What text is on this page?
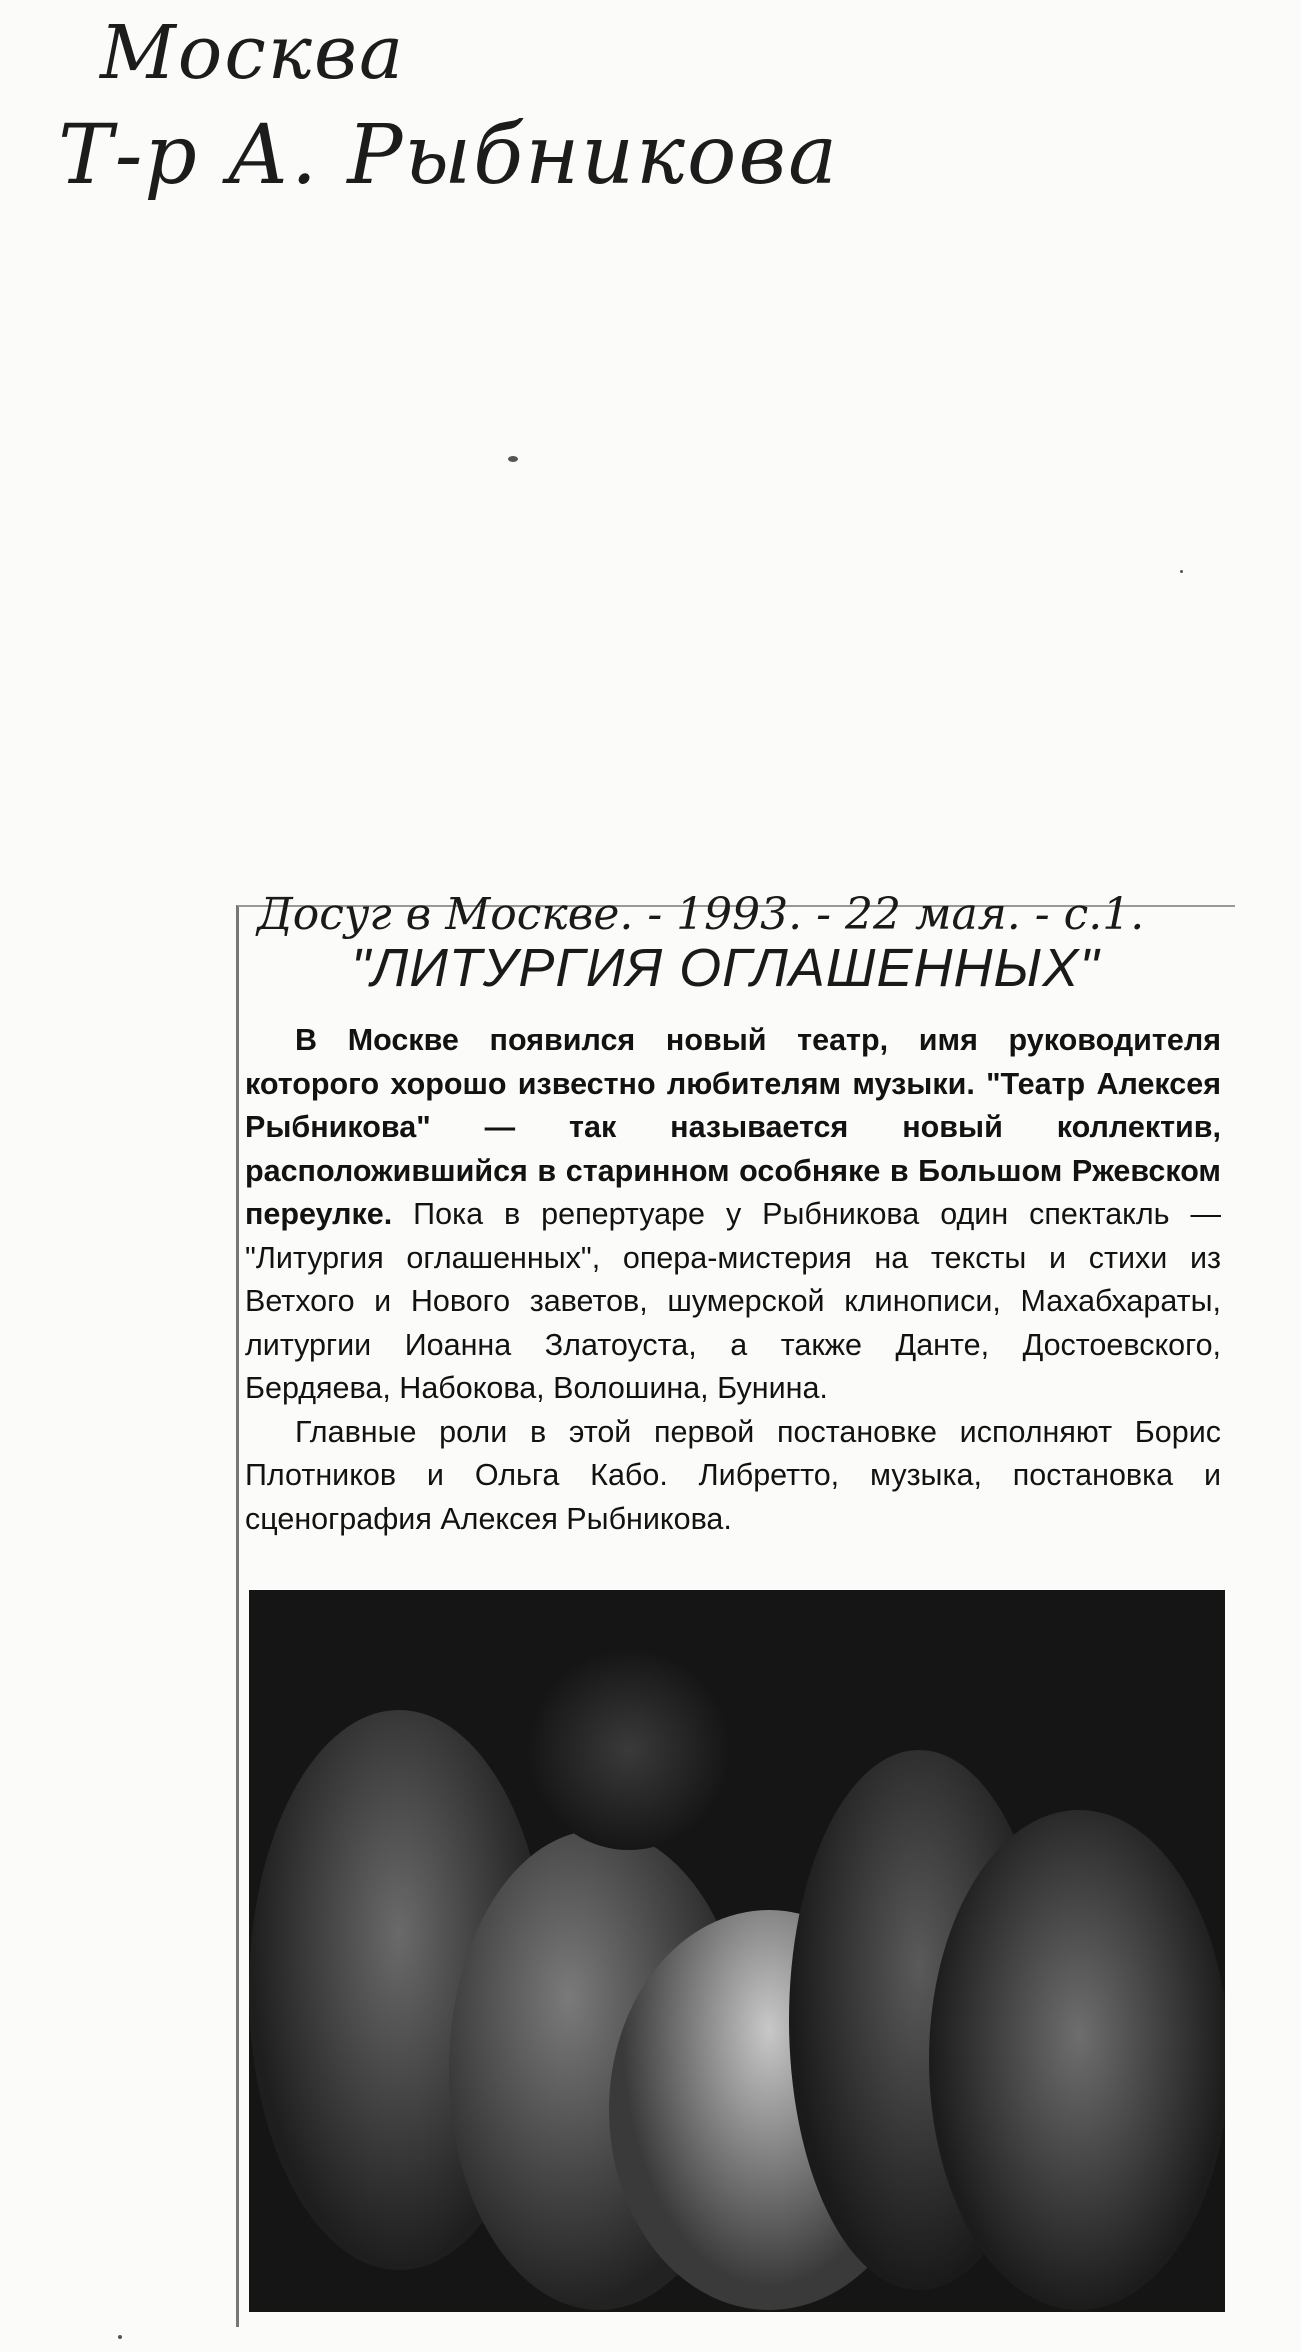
Москва
Т-р А. Рыбникова
Досуг в Москве. - 1993. - 22 мая. - с.1.
"ЛИТУРГИЯ ОГЛАШЕННЫХ"

В Москве появился новый театр, имя руководителя которого хорошо известно любителям музыки. "Театр Алексея Рыбникова" — так называется новый коллектив, расположившийся в старинном особняке в Большом Ржевском переулке. Пока в репертуаре у Рыбникова один спектакль — "Литургия оглашенных", опера-мистерия на тексты и стихи из Ветхого и Нового заветов, шумерской клинописи, Махабхараты, литургии Иоанна Златоуста, а также Данте, Достоевского, Бердяева, Набокова, Волошина, Бунина.

Главные роли в этой первой постановке исполняют Борис Плотников и Ольга Кабо. Либретто, музыка, постановка и сценография Алексея Рыбникова.
